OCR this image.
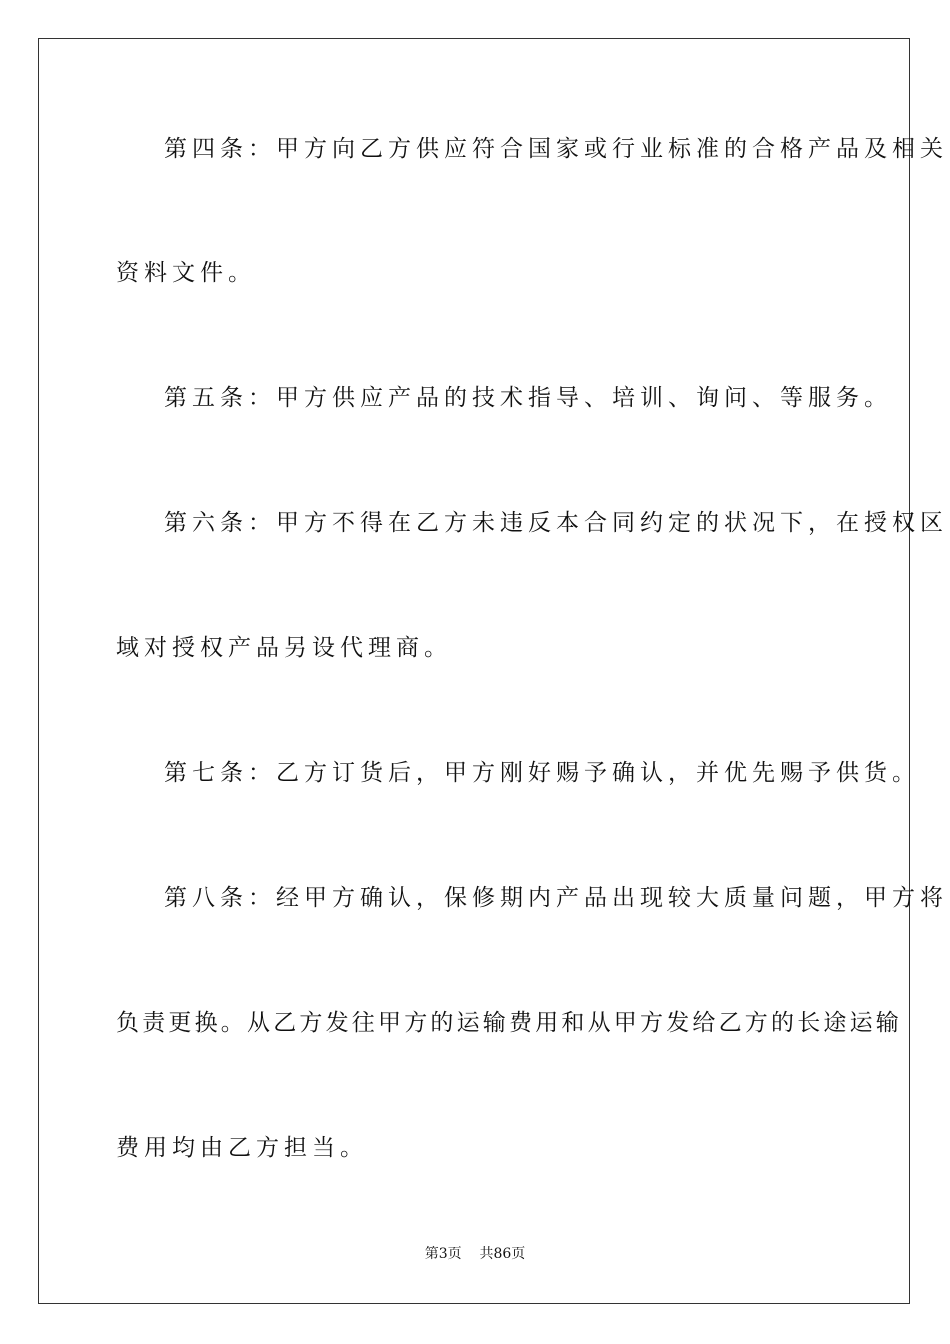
第四条：甲方向乙方供应符合国家或行业标准的合格产品及相关
资料文件。
第五条：甲方供应产品的技术指导、培训、询问、等服务。
第六条：甲方不得在乙方未违反本合同约定的状况下，在授权区
域对授权产品另设代理商。
第七条：乙方订货后，甲方刚好赐予确认，并优先赐予供货。
第八条：经甲方确认，保修期内产品出现较大质量问题，甲方将
负责更换。从乙方发往甲方的运输费用和从甲方发给乙方的长途运输
费用均由乙方担当。
第3页 共86页
